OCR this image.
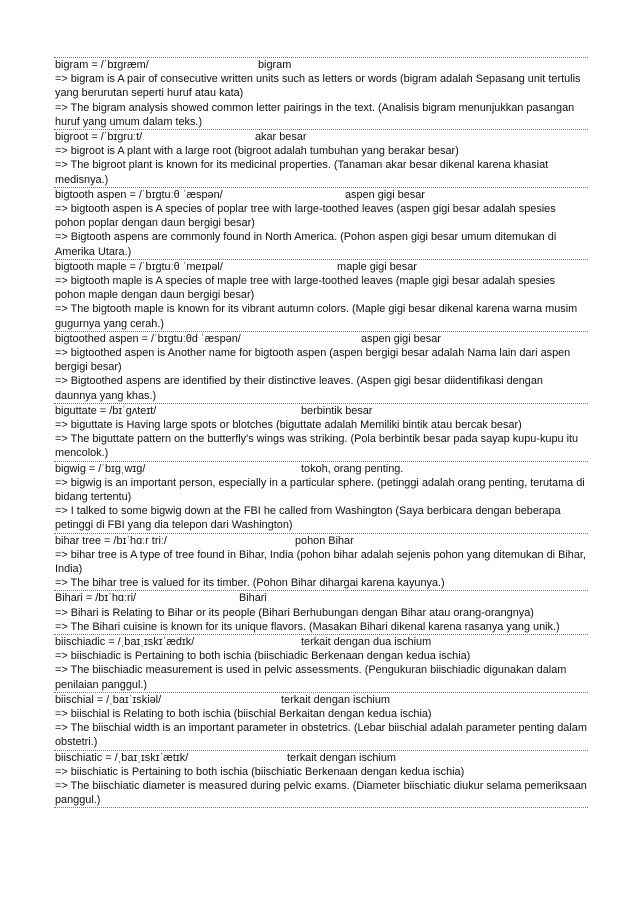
bigram = /ˈbɪɡræm/	bigram
=> bigram is A pair of consecutive written units such as letters or words (bigram adalah Sepasang unit tertulis yang berurutan seperti huruf atau kata)
=> The bigram analysis showed common letter pairings in the text. (Analisis bigram menunjukkan pasangan huruf yang umum dalam teks.)
bigroot = /ˈbɪɡruːt/	akar besar
=> bigroot is A plant with a large root (bigroot adalah tumbuhan yang berakar besar)
=> The bigroot plant is known for its medicinal properties. (Tanaman akar besar dikenal karena khasiat medisnya.)
bigtooth aspen = /ˈbɪɡtuːθ ˈæspən/	aspen gigi besar
=> bigtooth aspen is A species of poplar tree with large-toothed leaves (aspen gigi besar adalah spesies pohon poplar dengan daun bergigi besar)
=> Bigtooth aspens are commonly found in North America. (Pohon aspen gigi besar umum ditemukan di Amerika Utara.)
bigtooth maple = /ˈbɪɡtuːθ ˈmeɪpəl/	maple gigi besar
=> bigtooth maple is A species of maple tree with large-toothed leaves (maple gigi besar adalah spesies pohon maple dengan daun bergigi besar)
=> The bigtooth maple is known for its vibrant autumn colors. (Maple gigi besar dikenal karena warna musim gugurnya yang cerah.)
bigtoothed aspen = /ˈbɪɡtuːθd ˈæspən/	aspen gigi besar
=> bigtoothed aspen is Another name for bigtooth aspen (aspen bergigi besar adalah Nama lain dari aspen bergigi besar)
=> Bigtoothed aspens are identified by their distinctive leaves. (Aspen gigi besar diidentifikasi dengan daunnya yang khas.)
biguttate = /bɪˈɡʌteɪt/	berbintik besar
=> biguttate is Having large spots or blotches (biguttate adalah Memiliki bintik atau bercak besar)
=> The biguttate pattern on the butterfly's wings was striking. (Pola berbintik besar pada sayap kupu-kupu itu mencolok.)
bigwig = /ˈbɪɡˌwɪɡ/	tokoh, orang penting.
=> bigwig is an important person, especially in a particular sphere. (petinggi adalah orang penting, terutama di bidang tertentu)
=> I talked to some bigwig down at the FBI he called from Washington (Saya berbicara dengan beberapa petinggi di FBI yang dia telepon dari Washington)
bihar tree = /bɪˈhɑːr triː/	pohon Bihar
=> bihar tree is A type of tree found in Bihar, India (pohon bihar adalah sejenis pohon yang ditemukan di Bihar, India)
=> The bihar tree is valued for its timber. (Pohon Bihar dihargai karena kayunya.)
Bihari = /bɪˈhɑːri/	Bihari
=> Bihari is Relating to Bihar or its people (Bihari Berhubungan dengan Bihar atau orang-orangnya)
=> The Bihari cuisine is known for its unique flavors. (Masakan Bihari dikenal karena rasanya yang unik.)
biischiadic = /ˌbaɪˌɪskɪˈædɪk/	terkait dengan dua ischium
=> biischiadic is Pertaining to both ischia (biischiadic Berkenaan dengan kedua ischia)
=> The biischiadic measurement is used in pelvic assessments. (Pengukuran biischiadic digunakan dalam penilaian panggul.)
biischial = /ˌbaɪˈɪskiəl/	terkait dengan ischium
=> biischial is Relating to both ischia (biischial Berkaitan dengan kedua ischia)
=> The biischial width is an important parameter in obstetrics. (Lebar biischial adalah parameter penting dalam obstetri.)
biischiatic = /ˌbaɪˌɪskɪˈætɪk/	terkait dengan ischium
=> biischiatic is Pertaining to both ischia (biischiatic Berkenaan dengan kedua ischia)
=> The biischiatic diameter is measured during pelvic exams. (Diameter biischiatic diukur selama pemeriksaan panggul.)
